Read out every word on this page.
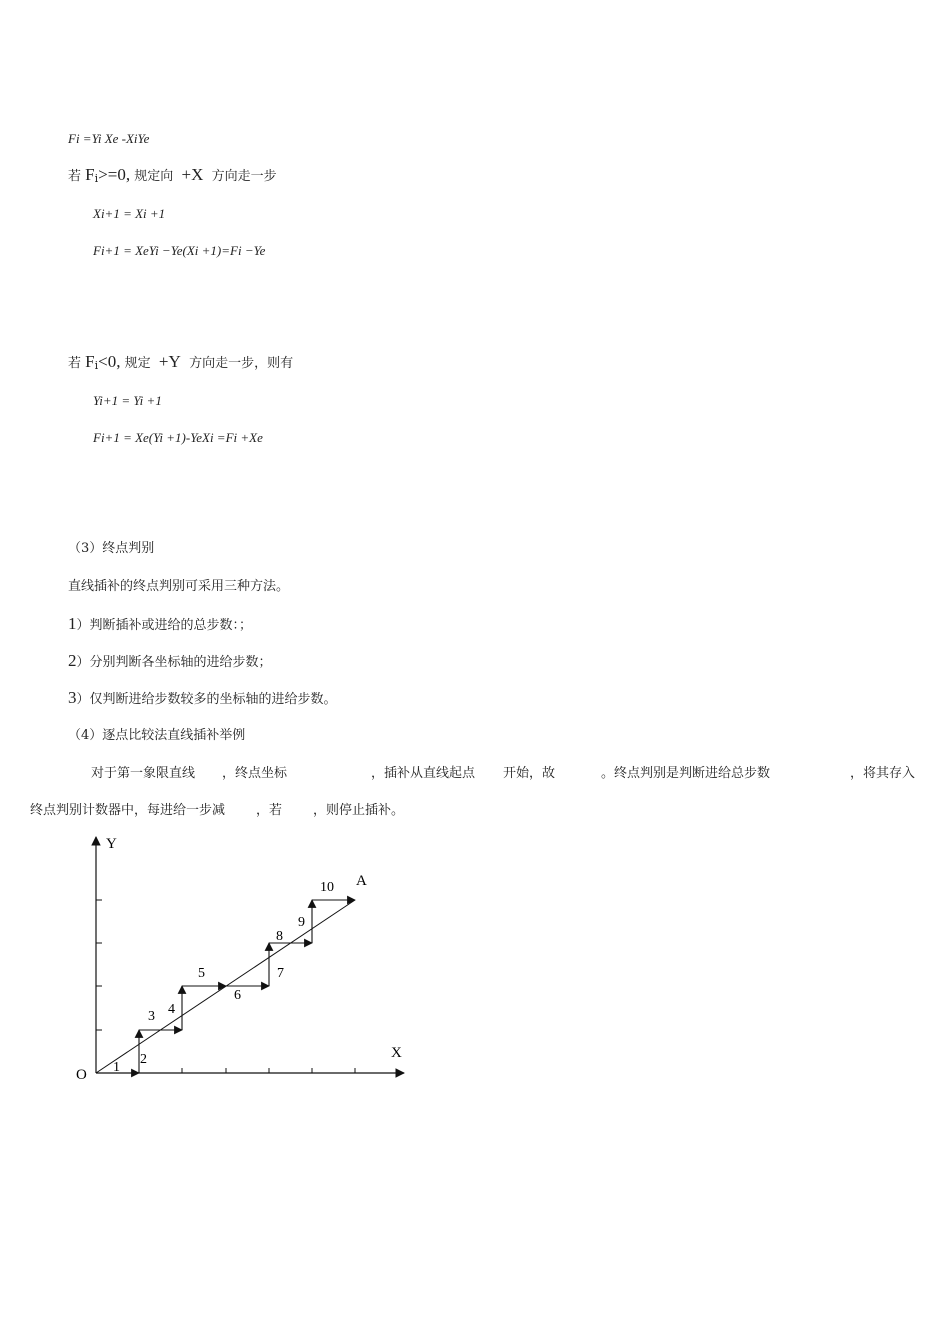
Fi =Yi Xe -XiYe
若 Fi>=0, 规定向 +X 方向走一步
Xi+1 = Xi +1
Fi+1 = XeYi −Ye(Xi +1)=Fi −Ye
若 Fi<0, 规定 +Y 方向走一步，则有
Yi+1 = Yi +1
Fi+1 = Xe(Yi +1)-YeXi =Fi +Xe
（3）终点判别
直线插补的终点判别可采用三种方法。
1）判断插补或进给的总步数：；
2）分别判断各坐标轴的进给步数；
3）仅判断进给步数较多的坐标轴的进给步数。
（4）逐点比较法直线插补举例
对于第一象限直线 ，终点坐标	，插补从直线起点 开始，故	。终点判别是判断进给总步数	，将其存入
终点判别计数器中，每进给一步减 ，若 ，则停止插补。
Y
X
O
A
1
2
3 4
5
6
7
8
9
10
